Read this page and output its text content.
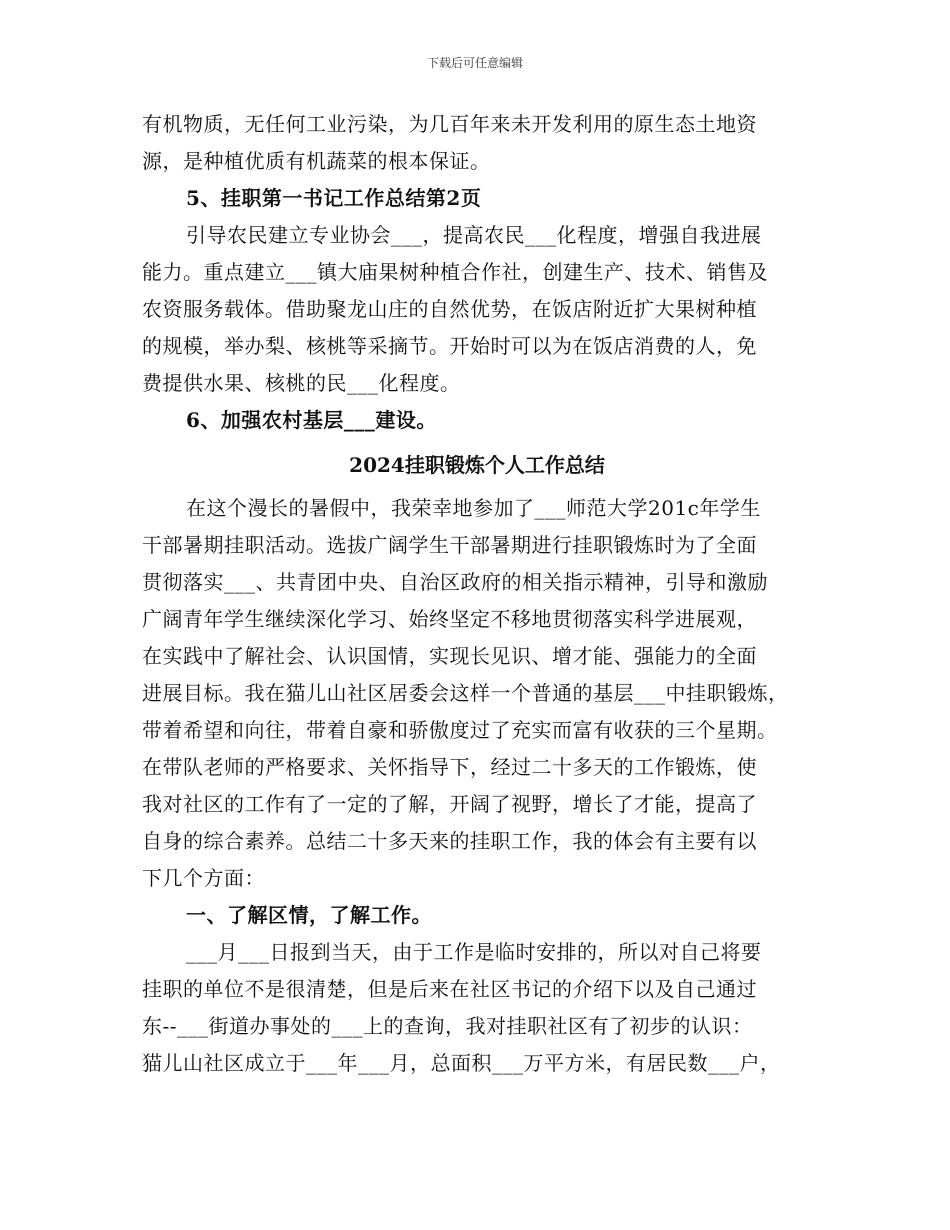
下载后可任意编辑
有机物质，无任何工业污染，为几百年来未开发利用的原生态土地资
源，是种植优质有机蔬菜的根本保证。
5、挂职第一书记工作总结第2页
引导农民建立专业协会___，提高农民___化程度，增强自我进展
能力。重点建立___镇大庙果树种植合作社，创建生产、技术、销售及
农资服务载体。借助聚龙山庄的自然优势，在饭店附近扩大果树种植
的规模，举办梨、核桃等采摘节。开始时可以为在饭店消费的人，免
费提供水果、核桃的民___化程度。
6、加强农村基层___建设。
2024挂职锻炼个人工作总结
在这个漫长的暑假中，我荣幸地参加了___师范大学201c年学生
干部暑期挂职活动。选拔广阔学生干部暑期进行挂职锻炼时为了全面
贯彻落实___、共青团中央、自治区政府的相关指示精神，引导和激励
广阔青年学生继续深化学习、始终坚定不移地贯彻落实科学进展观，
在实践中了解社会、认识国情，实现长见识、增才能、强能力的全面
进展目标。我在猫儿山社区居委会这样一个普通的基层___中挂职锻炼，
带着希望和向往，带着自豪和骄傲度过了充实而富有收获的三个星期。
在带队老师的严格要求、关怀指导下，经过二十多天的工作锻炼，使
我对社区的工作有了一定的了解，开阔了视野，增长了才能，提高了
自身的综合素养。总结二十多天来的挂职工作，我的体会有主要有以
下几个方面：
一、了解区情，了解工作。
___月___日报到当天，由于工作是临时安排的，所以对自己将要
挂职的单位不是很清楚，但是后来在社区书记的介绍下以及自己通过
东--___街道办事处的___上的查询，我对挂职社区有了初步的认识：
猫儿山社区成立于___年___月，总面积___万平方米，有居民数___户，
